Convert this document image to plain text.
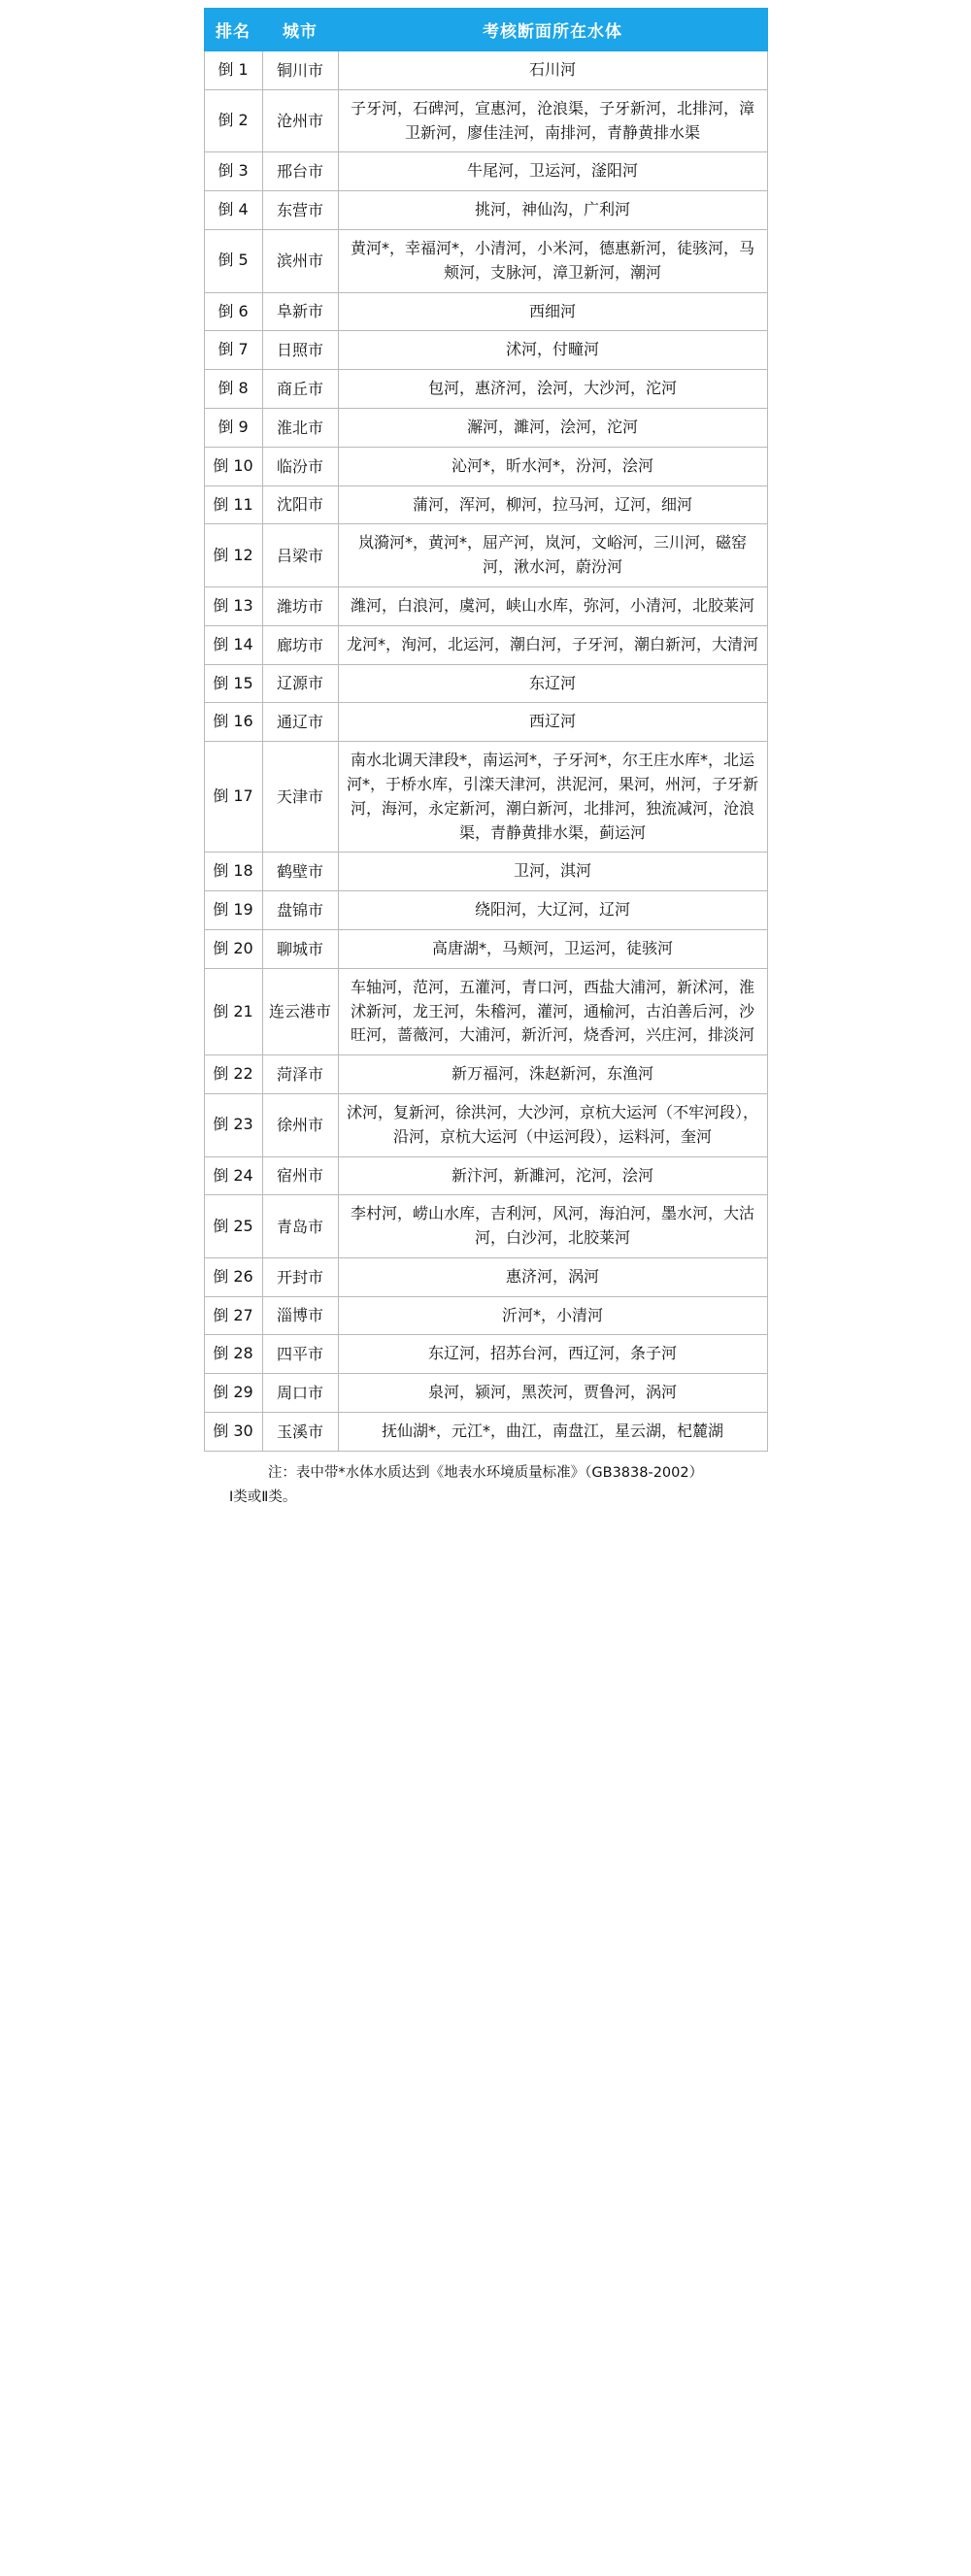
排名	城市	考核断面所在水体
倒 1	铜川市	石川河
倒 2	沧州市	子牙河，石碑河，宣惠河，沧浪渠，子牙新河，北排河，漳卫新河，廖佳洼河，南排河，青静黄排水渠
倒 3	邢台市	牛尾河，卫运河，滏阳河
倒 4	东营市	挑河，神仙沟，广利河
倒 5	滨州市	黄河*，幸福河*，小清河，小米河，德惠新河，徒骇河，马颊河，支脉河，漳卫新河，潮河
倒 6	阜新市	西细河
倒 7	日照市	沭河，付疃河
倒 8	商丘市	包河，惠济河，浍河，大沙河，沱河
倒 9	淮北市	澥河，濉河，浍河，沱河
倒 10	临汾市	沁河*，昕水河*，汾河，浍河
倒 11	沈阳市	蒲河，浑河，柳河，拉马河，辽河，细河
倒 12	吕梁市	岚漪河*，黄河*，屈产河，岚河，文峪河，三川河，磁窑河，湫水河，蔚汾河
倒 13	潍坊市	潍河，白浪河，虞河，峡山水库，弥河，小清河，北胶莱河
倒 14	廊坊市	龙河*，洵河，北运河，潮白河，子牙河，潮白新河，大清河
倒 15	辽源市	东辽河
倒 16	通辽市	西辽河
倒 17	天津市	南水北调天津段*，南运河*，子牙河*，尔王庄水库*，北运河*，于桥水库，引滦天津河，洪泥河，果河，州河，子牙新河，海河，永定新河，潮白新河，北排河，独流减河，沧浪渠，青静黄排水渠，蓟运河
倒 18	鹤壁市	卫河，淇河
倒 19	盘锦市	绕阳河，大辽河，辽河
倒 20	聊城市	高唐湖*，马颊河，卫运河，徒骇河
倒 21	连云港市	车轴河，范河，五灌河，青口河，西盐大浦河，新沭河，淮沭新河，龙王河，朱稽河，灌河，通榆河，古泊善后河，沙旺河，蔷薇河，大浦河，新沂河，烧香河，兴庄河，排淡河
倒 22	菏泽市	新万福河，洙赵新河，东渔河
倒 23	徐州市	沭河，复新河，徐洪河，大沙河，京杭大运河（不牢河段），沿河，京杭大运河（中运河段），运料河，奎河
倒 24	宿州市	新汴河，新濉河，沱河，浍河
倒 25	青岛市	李村河，崂山水库，吉利河，风河，海泊河，墨水河，大沽河，白沙河，北胶莱河
倒 26	开封市	惠济河，涡河
倒 27	淄博市	沂河*，小清河
倒 28	四平市	东辽河，招苏台河，西辽河，条子河
倒 29	周口市	泉河，颍河，黑茨河，贾鲁河，涡河
倒 30	玉溪市	抚仙湖*，元江*，曲江，南盘江，星云湖，杞麓湖
注：表中带*水体水质达到《地表水环境质量标准》（GB3838-2002）
Ⅰ类或Ⅱ类。
